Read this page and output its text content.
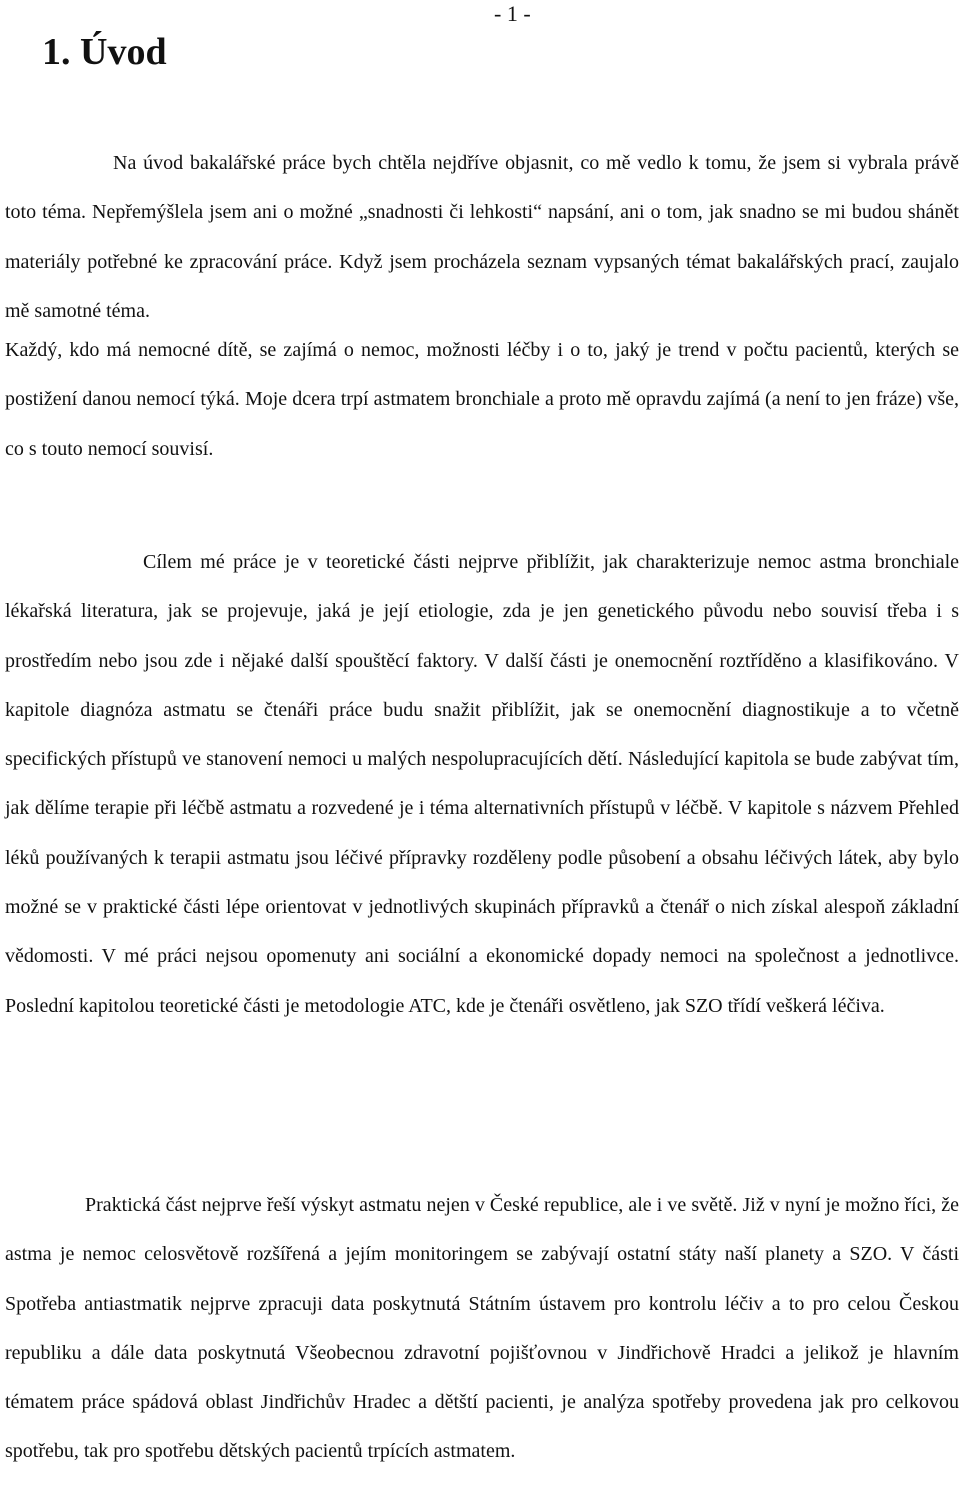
- 1 -
1. Úvod

Na úvod bakalářské práce bych chtěla nejdříve objasnit, co mě vedlo k tomu, že jsem si vybrala právě toto téma. Nepřemýšlela jsem ani o možné „snadnosti či lehkosti“ napsání, ani o tom, jak snadno se mi budou shánět materiály potřebné ke zpracování práce. Když jsem procházela seznam vypsaných témat bakalářských prací, zaujalo mě samotné téma.

Každý, kdo má nemocné dítě, se zajímá o nemoc, možnosti léčby i o to, jaký je trend v počtu pacientů, kterých se postižení danou nemocí týká. Moje dcera trpí astmatem bronchiale a proto mě opravdu zajímá (a není to jen fráze) vše, co s touto nemocí souvisí.

Cílem mé práce je v teoretické části nejprve přiblížit, jak charakterizuje nemoc astma bronchiale lékařská literatura, jak se projevuje, jaká je její etiologie, zda je jen genetického původu nebo souvisí třeba i s prostředím nebo jsou zde i nějaké další spouštěcí faktory. V další části je onemocnění roztříděno a klasifikováno. V kapitole diagnóza astmatu se čtenáři práce budu snažit přiblížit, jak se onemocnění diagnostikuje a to včetně specifických přístupů ve stanovení nemoci u malých nespolupracujících dětí. Následující kapitola se bude zabývat tím, jak dělíme terapie při léčbě astmatu a rozvedené je i téma alternativních přístupů v léčbě. V kapitole s názvem Přehled léků používaných k terapii astmatu jsou léčivé přípravky rozděleny podle působení a obsahu léčivých látek, aby bylo možné se v praktické části lépe orientovat v jednotlivých skupinách přípravků a čtenář o nich získal alespoň základní vědomosti. V mé práci nejsou opomenuty ani sociální a ekonomické dopady nemoci na společnost a jednotlivce. Poslední kapitolou teoretické části je metodologie ATC, kde je čtenáři osvětleno, jak SZO třídí veškerá léčiva.

Praktická část nejprve řeší výskyt astmatu nejen v České republice, ale i ve světě. Již v nyní je možno říci, že astma je nemoc celosvětově rozšířená a jejím monitoringem se zabývají ostatní státy naší planety a SZO. V části Spotřeba antiastmatik nejprve zpracuji data poskytnutá Státním ústavem pro kontrolu léčiv a to pro celou Českou republiku a dále data poskytnutá Všeobecnou zdravotní pojišťovnou v Jindřichově Hradci a jelikož je hlavním tématem práce spádová oblast Jindřichův Hradec a dětští pacienti, je analýza spotřeby provedena jak pro celkovou spotřebu, tak pro spotřebu dětských pacientů trpících astmatem.
